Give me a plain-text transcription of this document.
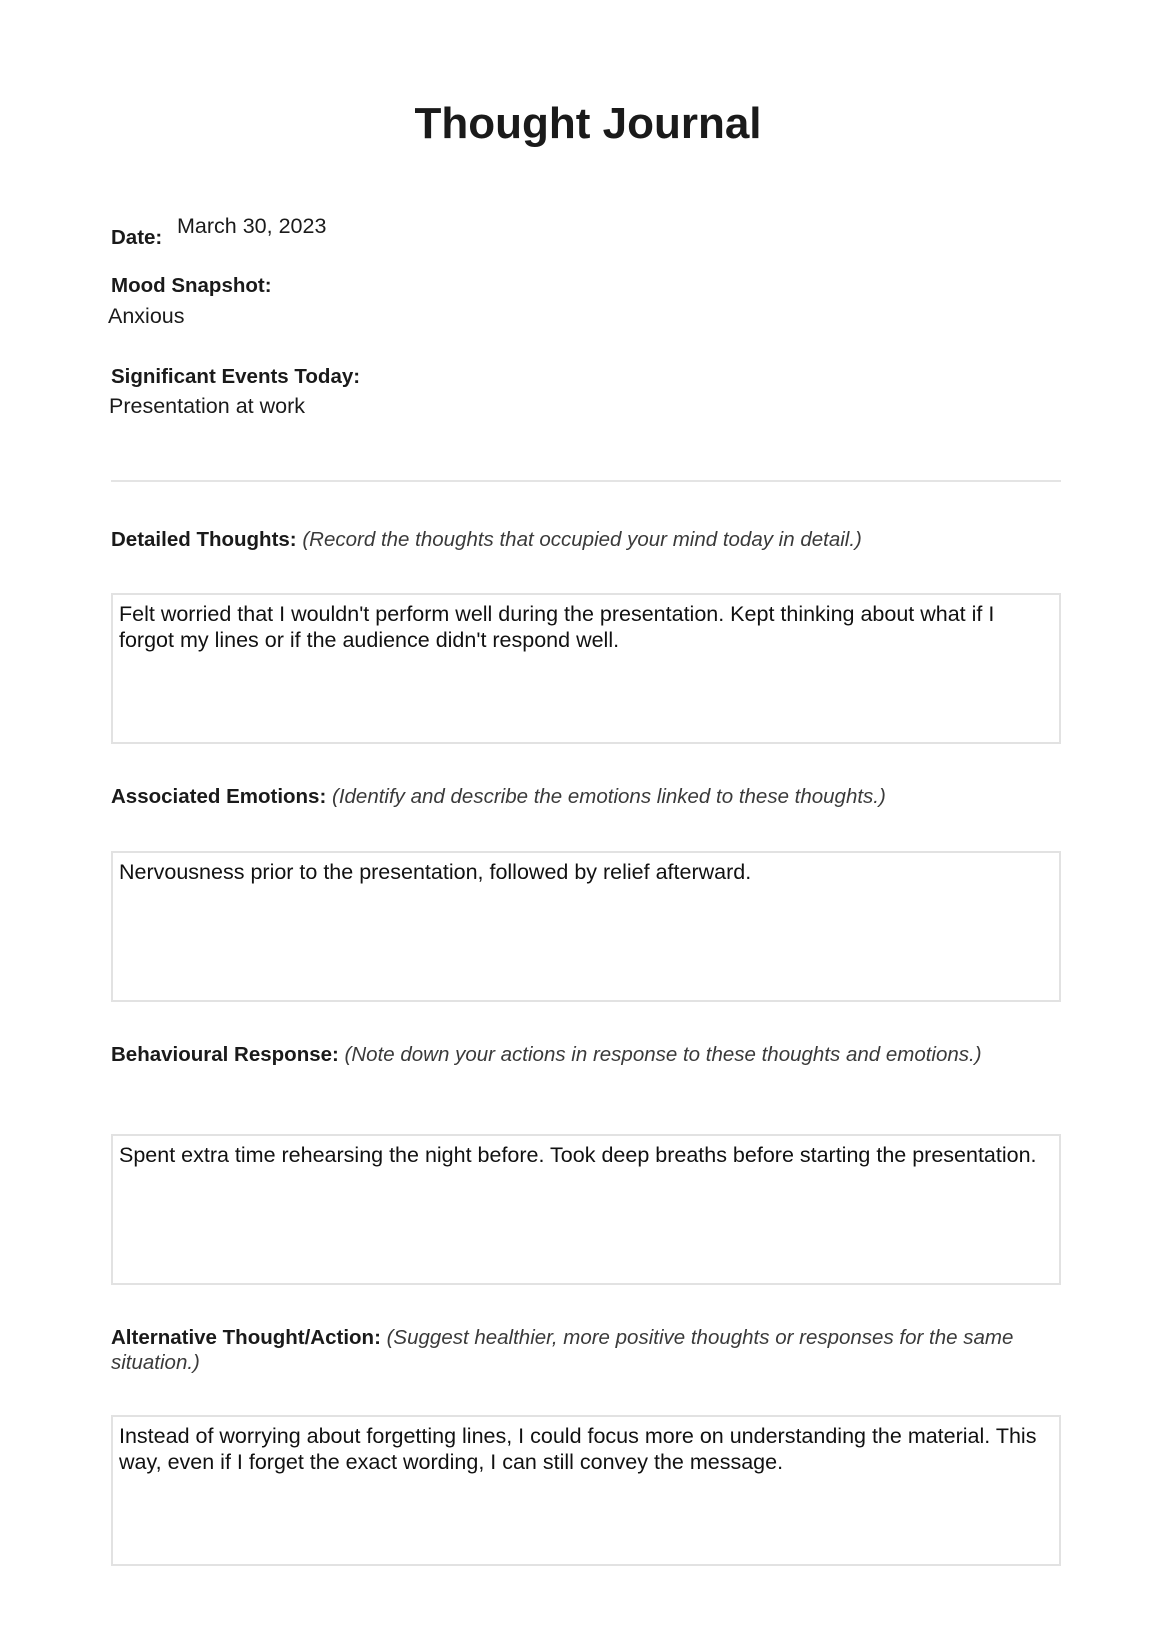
Thought Journal
Date: March 30, 2023
Mood Snapshot:
Anxious
Significant Events Today:
Presentation at work
Detailed Thoughts: (Record the thoughts that occupied your mind today in detail.)

Felt worried that I wouldn't perform well during the presentation. Kept thinking about what if I forgot my lines or if the audience didn't respond well.

Associated Emotions: (Identify and describe the emotions linked to these thoughts.)

Nervousness prior to the presentation, followed by relief afterward.

Behavioural Response: (Note down your actions in response to these thoughts and emotions.)

Spent extra time rehearsing the night before. Took deep breaths before starting the presentation.

Alternative Thought/Action: (Suggest healthier, more positive thoughts or responses for the same situation.)

Instead of worrying about forgetting lines, I could focus more on understanding the material. This way, even if I forget the exact wording, I can still convey the message.
